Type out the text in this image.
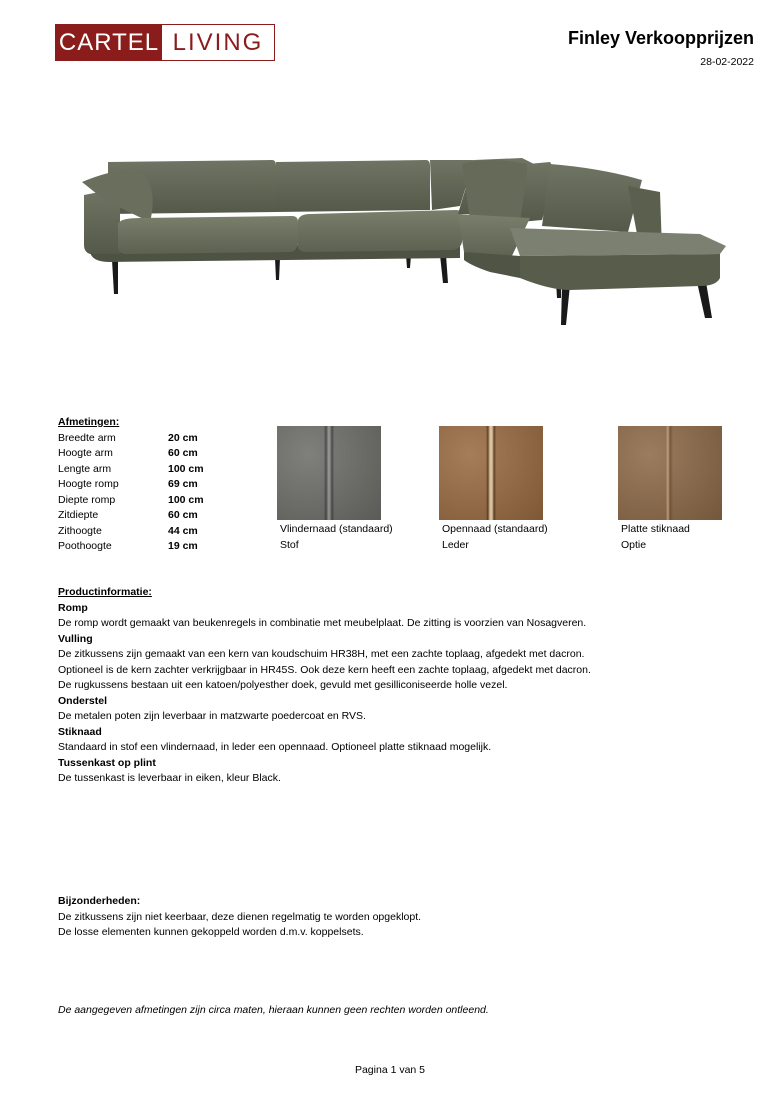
CARTEL LIVING	Finley Verkoopprijzen
28-02-2022
Afmetingen:
Breedte arm	20 cm
Hoogte arm	60 cm
Lengte arm	100 cm
Hoogte romp	69 cm
Diepte romp	100 cm
Zitdiepte	60 cm
Zithoogte	44 cm
Poothoogte	19 cm
Vlindernaad (standaard)
Stof
Opennaad (standaard)
Leder
Platte stiknaad
Optie
Productinformatie:
Romp
De romp wordt gemaakt van beukenregels in combinatie met meubelplaat. De zitting is voorzien van Nosagveren.
Vulling
De zitkussens zijn gemaakt van een kern van koudschuim HR38H, met een zachte toplaag, afgedekt met dacron.
Optioneel is de kern zachter verkrijgbaar in HR45S. Ook deze kern heeft een zachte toplaag, afgedekt met dacron.
De rugkussens bestaan uit een katoen/polyesther doek, gevuld met gesilliconiseerde holle vezel.
Onderstel
De metalen poten zijn leverbaar in matzwarte poedercoat en RVS.
Stiknaad
Standaard in stof een vlindernaad, in leder een opennaad. Optioneel platte stiknaad mogelijk.
Tussenkast op plint
De tussenkast is leverbaar in eiken, kleur Black.
Bijzonderheden:
De zitkussens zijn niet keerbaar, deze dienen regelmatig te worden opgeklopt.
De losse elementen kunnen gekoppeld worden d.m.v. koppelsets.
De aangegeven afmetingen zijn circa maten, hieraan kunnen geen rechten worden ontleend.
Pagina 1 van 5
